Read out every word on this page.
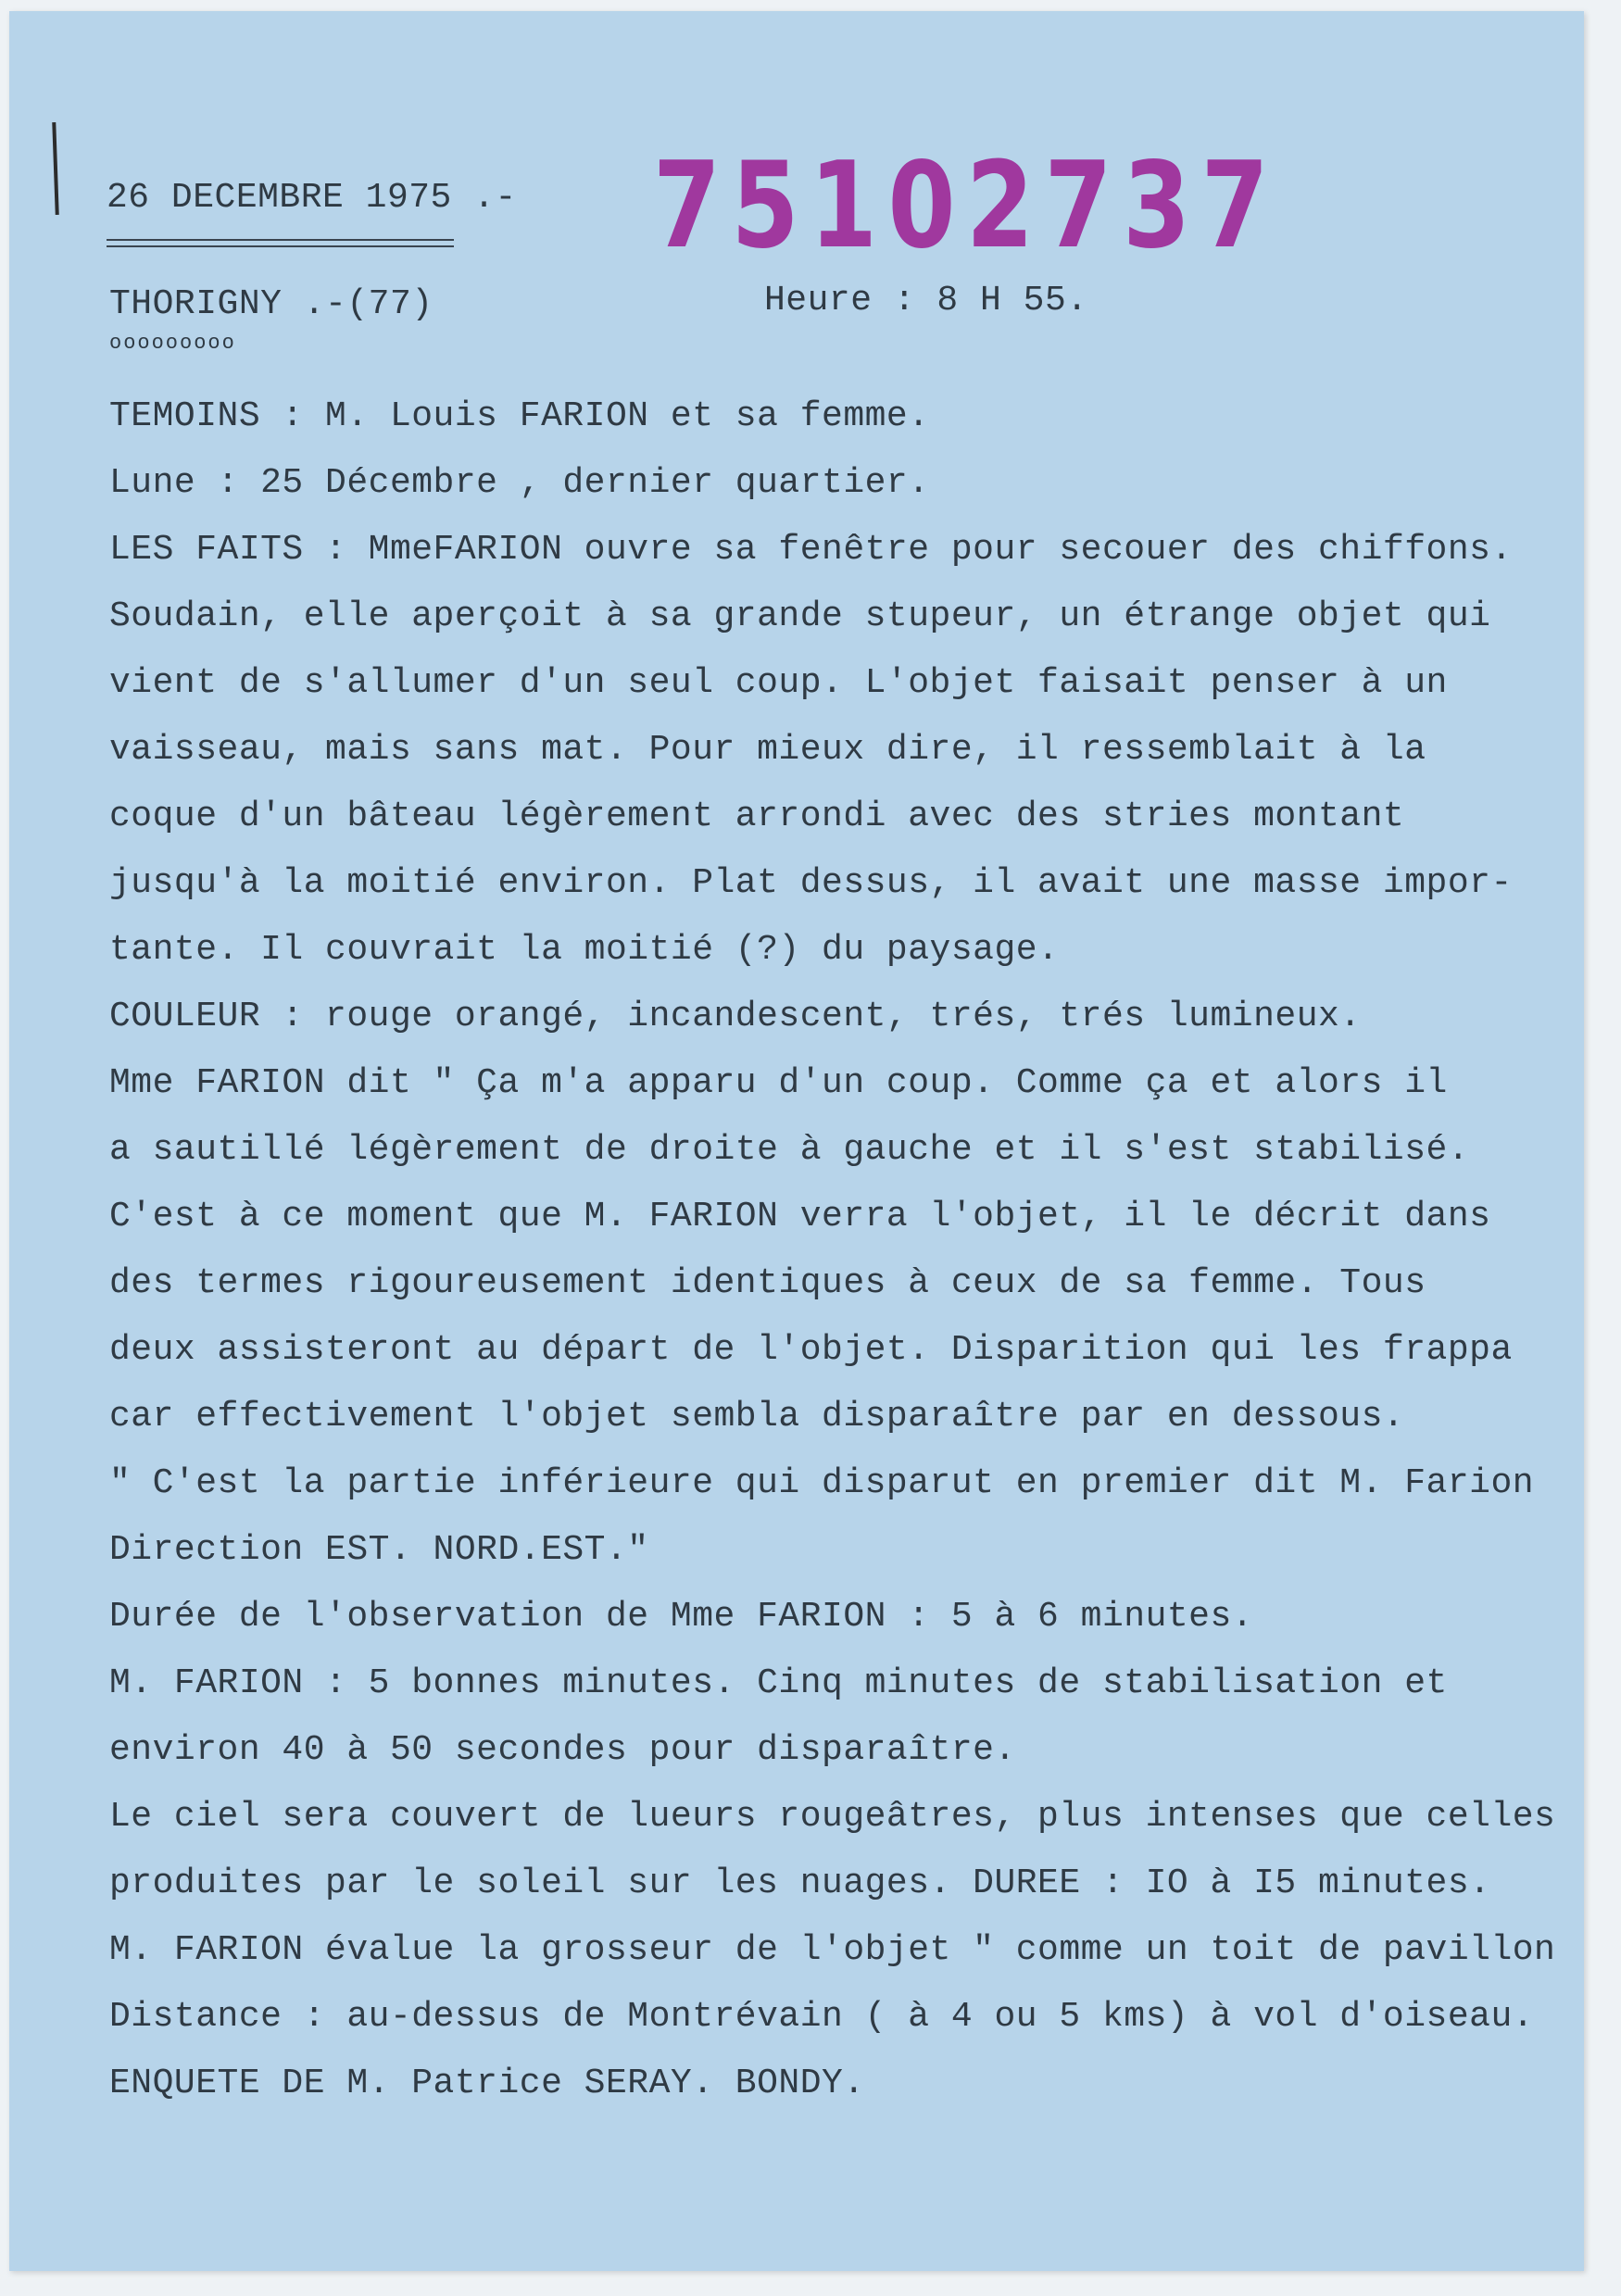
26 DECEMBRE 1975 .- 75102737
THORIGNY .-(77)
ooooooooo
Heure : 8 H 55.
TEMOINS : M. Louis FARION et sa femme.
Lune : 25 Décembre , dernier quartier.
LES FAITS : MmeFARION ouvre sa fenêtre pour secouer des chiffons.
Soudain, elle aperçoit à sa grande stupeur, un étrange objet qui
vient de s'allumer d'un seul coup. L'objet faisait penser à un
vaisseau, mais sans mat. Pour mieux dire, il ressemblait à la
coque d'un bâteau légèrement arrondi avec des stries montant
jusqu'à la moitié environ. Plat dessus, il avait une masse impor-
tante. Il couvrait la moitié (?) du paysage.
COULEUR : rouge orangé, incandescent, trés, trés lumineux.
Mme FARION dit " Ça m'a apparu d'un coup. Comme ça et alors il
a sautillé légèrement de droite à gauche et il s'est stabilisé.
C'est à ce moment que M. FARION verra l'objet, il le décrit dans
des termes rigoureusement identiques à ceux de sa femme. Tous
deux assisteront au départ de l'objet. Disparition qui les frappa
car effectivement l'objet sembla disparaître par en dessous.
" C'est la partie inférieure qui disparut en premier dit M. Farion
Direction EST. NORD.EST."
Durée de l'observation de Mme FARION : 5 à 6 minutes.
M. FARION : 5 bonnes minutes. Cinq minutes de stabilisation et
environ 40 à 50 secondes pour disparaître.
Le ciel sera couvert de lueurs rougeâtres, plus intenses que celles
produites par le soleil sur les nuages. DUREE : IO à I5 minutes.
M. FARION évalue la grosseur de l'objet " comme un toit de pavillon
Distance : au-dessus de Montrévain ( à 4 ou 5 kms) à vol d'oiseau.
ENQUETE DE M. Patrice SERAY. BONDY.
